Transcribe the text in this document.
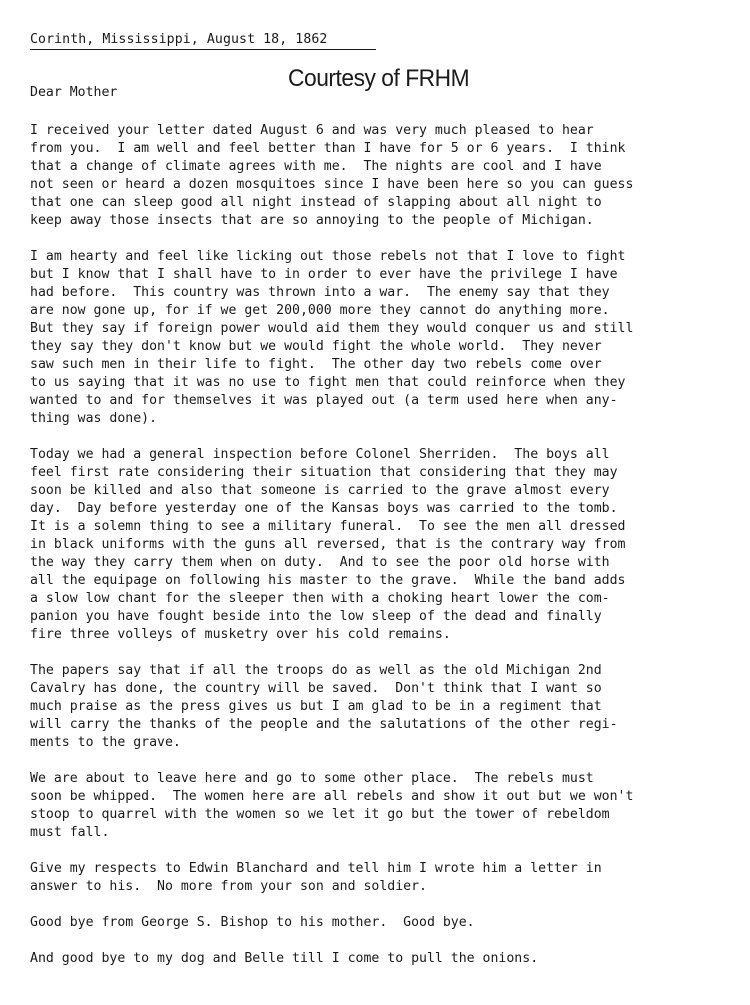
Corinth, Mississippi, August 18, 1862
Courtesy of FRHM
Dear Mother
I received your letter dated August 6 and was very much pleased to hear
from you.  I am well and feel better than I have for 5 or 6 years.  I think
that a change of climate agrees with me.  The nights are cool and I have
not seen or heard a dozen mosquitoes since I have been here so you can guess
that one can sleep good all night instead of slapping about all night to
keep away those insects that are so annoying to the people of Michigan.
I am hearty and feel like licking out those rebels not that I love to fight
but I know that I shall have to in order to ever have the privilege I have
had before.  This country was thrown into a war.  The enemy say that they
are now gone up, for if we get 200,000 more they cannot do anything more.
But they say if foreign power would aid them they would conquer us and still
they say they don't know but we would fight the whole world.  They never
saw such men in their life to fight.  The other day two rebels come over
to us saying that it was no use to fight men that could reinforce when they
wanted to and for themselves it was played out (a term used here when any-
thing was done).
Today we had a general inspection before Colonel Sherriden.  The boys all
feel first rate considering their situation that considering that they may
soon be killed and also that someone is carried to the grave almost every
day.  Day before yesterday one of the Kansas boys was carried to the tomb.
It is a solemn thing to see a military funeral.  To see the men all dressed
in black uniforms with the guns all reversed, that is the contrary way from
the way they carry them when on duty.  And to see the poor old horse with
all the equipage on following his master to the grave.  While the band adds
a slow low chant for the sleeper then with a choking heart lower the com-
panion you have fought beside into the low sleep of the dead and finally
fire three volleys of musketry over his cold remains.
The papers say that if all the troops do as well as the old Michigan 2nd
Cavalry has done, the country will be saved.  Don't think that I want so
much praise as the press gives us but I am glad to be in a regiment that
will carry the thanks of the people and the salutations of the other regi-
ments to the grave.
We are about to leave here and go to some other place.  The rebels must
soon be whipped.  The women here are all rebels and show it out but we won't
stoop to quarrel with the women so we let it go but the tower of rebeldom
must fall.
Give my respects to Edwin Blanchard and tell him I wrote him a letter in
answer to his.  No more from your son and soldier.
Good bye from George S. Bishop to his mother.  Good bye.
And good bye to my dog and Belle till I come to pull the onions.
